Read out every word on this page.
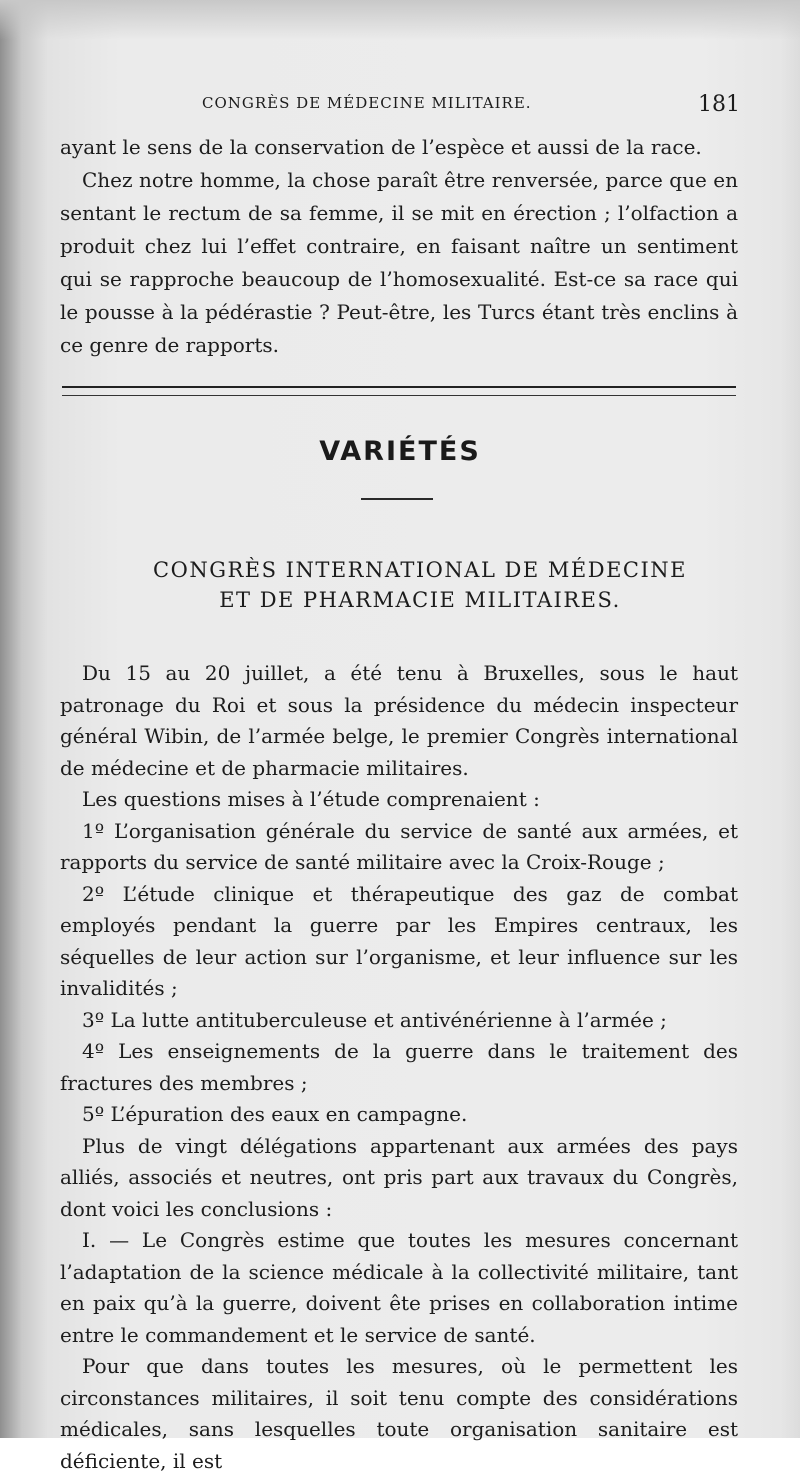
CONGRÈS DE MÉDECINE MILITAIRE.	181

ayant le sens de la conservation de l’espèce et aussi de la race.

Chez notre homme, la chose paraît être renversée, parce que en sentant le rectum de sa femme, il se mit en érection ; l’olfaction a produit chez lui l’effet contraire, en faisant naître un sentiment qui se rapproche beaucoup de l’homosexualité. Est-ce sa race qui le pousse à la pédérastie ? Peut-être, les Turcs étant très enclins à ce genre de rapports.

VARIÉTÉS
CONGRÈS INTERNATIONAL DE MÉDECINE
ET DE PHARMACIE MILITAIRES.

Du 15 au 20 juillet, a été tenu à Bruxelles, sous le haut patronage du Roi et sous la présidence du médecin inspecteur général Wibin, de l’armée belge, le premier Congrès international de médecine et de pharmacie militaires.

Les questions mises à l’étude comprenaient :

1º L’organisation générale du service de santé aux armées, et rapports du service de santé militaire avec la Croix-Rouge ;

2º L’étude clinique et thérapeutique des gaz de combat employés pendant la guerre par les Empires centraux, les séquelles de leur action sur l’organisme, et leur influence sur les invalidités ;

3º La lutte antituberculeuse et antivénérienne à l’armée ;

4º Les enseignements de la guerre dans le traitement des fractures des membres ;

5º L’épuration des eaux en campagne.

Plus de vingt délégations appartenant aux armées des pays alliés, associés et neutres, ont pris part aux travaux du Congrès, dont voici les conclusions :

I. — Le Congrès estime que toutes les mesures concernant l’adaptation de la science médicale à la collectivité militaire, tant en paix qu’à la guerre, doivent ête prises en collaboration intime entre le commandement et le service de santé.

Pour que dans toutes les mesures, où le permettent les circonstances militaires, il soit tenu compte des considérations médicales, sans lesquelles toute organisation sanitaire est déficiente, il est
